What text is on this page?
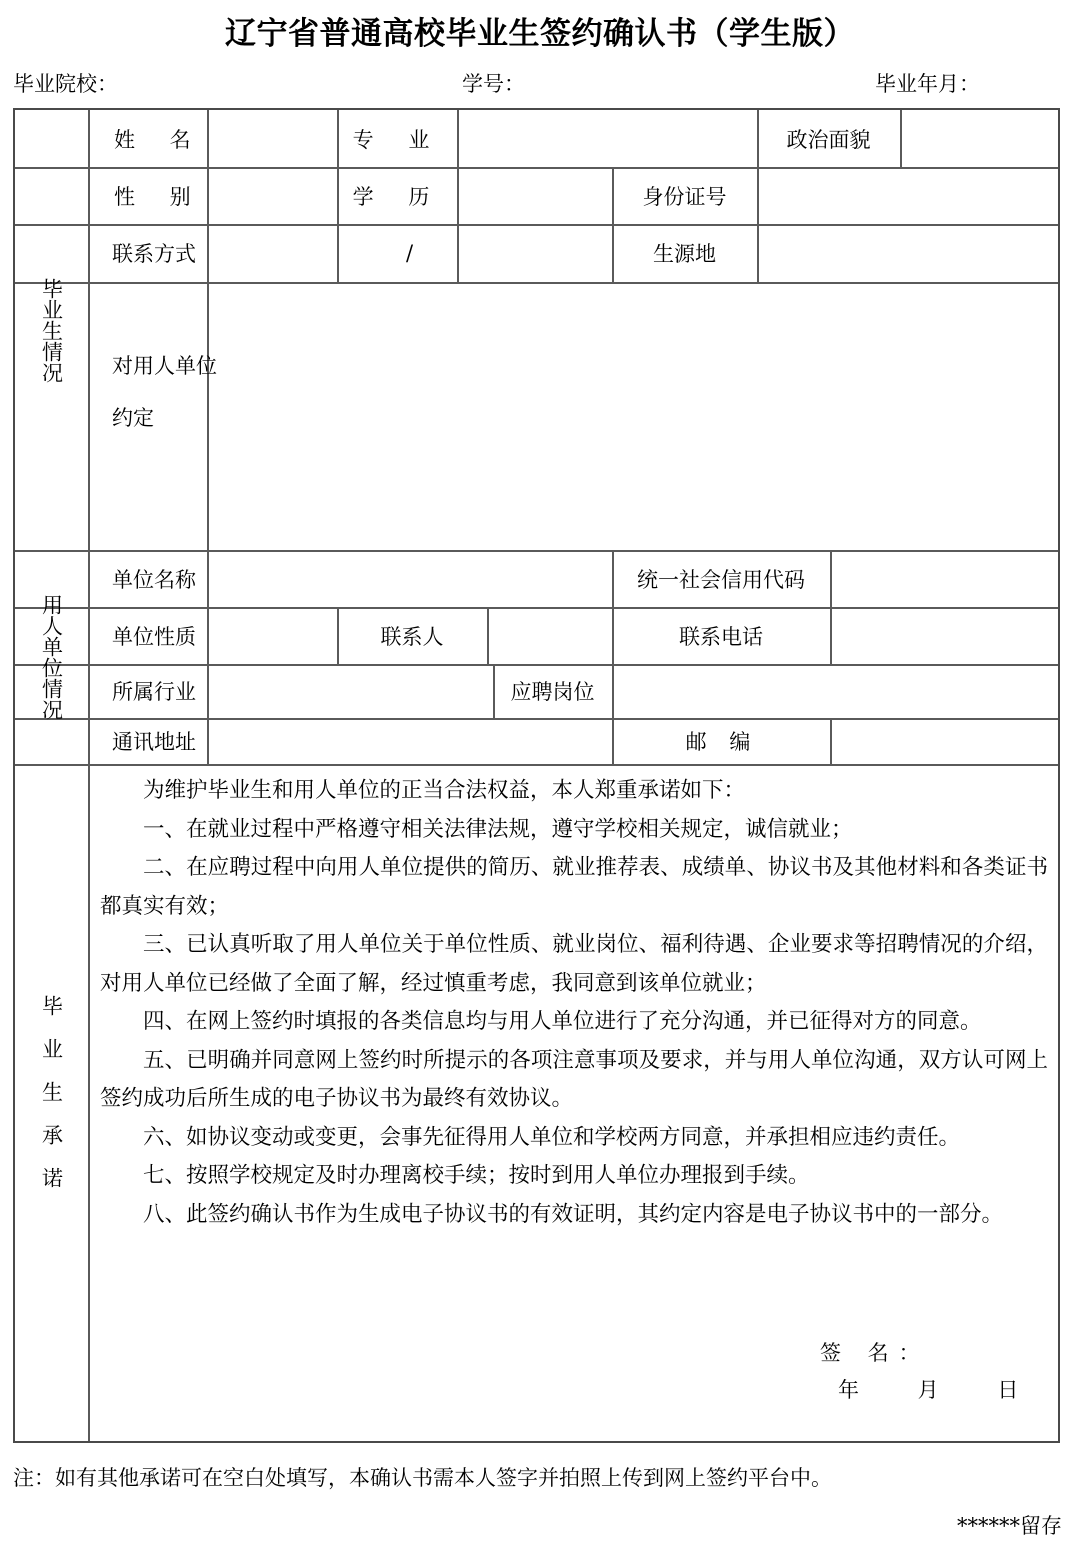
辽宁省普通高校毕业生签约确认书（学生版）
毕业院校：	学号：	毕业年月：
毕业生情况
用人单位情况
毕业生承诺
姓 名	专 业	政治面貌
性 别	学 历	身份证号
联系方式	/	生源地
对用人单位约定
单位名称	统一社会信用代码
单位性质	联系人	联系电话
所属行业	应聘岗位
通讯地址	邮 编

为维护毕业生和用人单位的正当合法权益，本人郑重承诺如下：

一、在就业过程中严格遵守相关法律法规，遵守学校相关规定，诚信就业；

二、在应聘过程中向用人单位提供的简历、就业推荐表、成绩单、协议书及其他材料和各类证书都真实有效；

三、已认真听取了用人单位关于单位性质、就业岗位、福利待遇、企业要求等招聘情况的介绍，对用人单位已经做了全面了解，经过慎重考虑，我同意到该单位就业；

四、在网上签约时填报的各类信息均与用人单位进行了充分沟通，并已征得对方的同意。

五、已明确并同意网上签约时所提示的各项注意事项及要求，并与用人单位沟通，双方认可网上签约成功后所生成的电子协议书为最终有效协议。

六、如协议变动或变更，会事先征得用人单位和学校两方同意，并承担相应违约责任。

七、按照学校规定及时办理离校手续；按时到用人单位办理报到手续。

八、此签约确认书作为生成电子协议书的有效证明，其约定内容是电子协议书中的一部分。

签 名：
年 月 日
注：如有其他承诺可在空白处填写，本确认书需本人签字并拍照上传到网上签约平台中。
******留存
